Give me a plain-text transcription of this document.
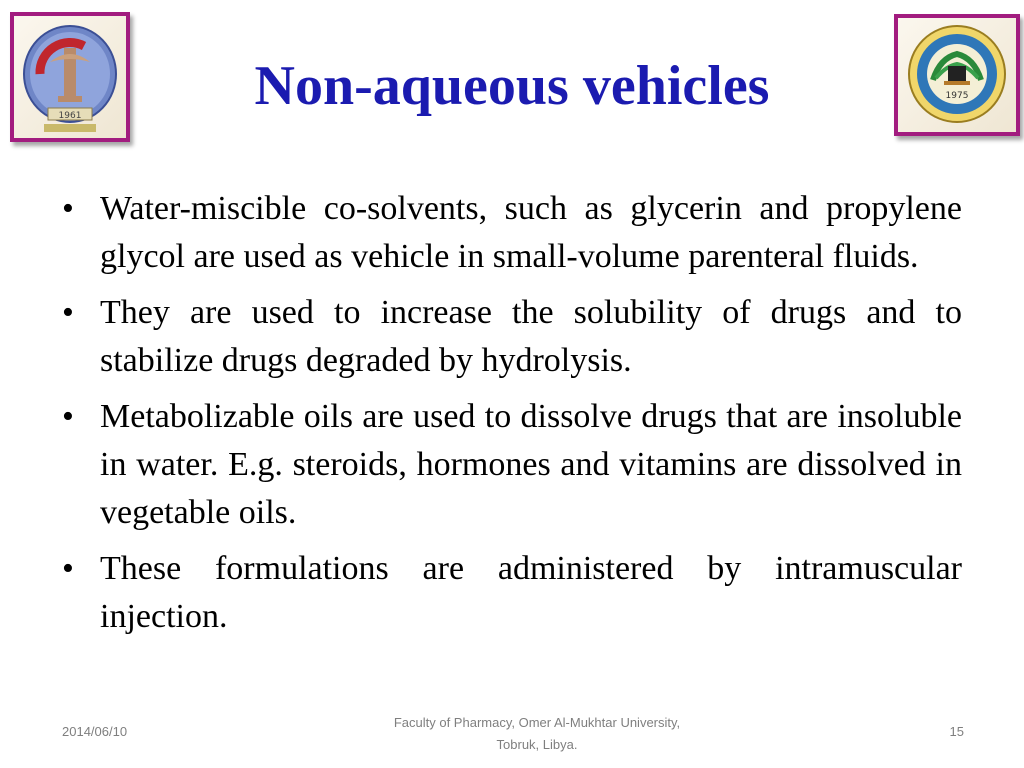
1961
1975
Non-aqueous vehicles
• Water-miscible co-solvents, such as glycerin and propylene glycol are used as vehicle in small-volume parenteral fluids.
• They are used to increase the solubility of drugs and to stabilize drugs degraded by hydrolysis.
• Metabolizable oils are used to dissolve drugs that are insoluble in water. E.g. steroids, hormones and vitamins are dissolved in vegetable oils.
• These formulations are administered by intramuscular injection.
2014/06/10
Faculty of Pharmacy, Omer Al-Mukhtar University,
Tobruk, Libya.
15
